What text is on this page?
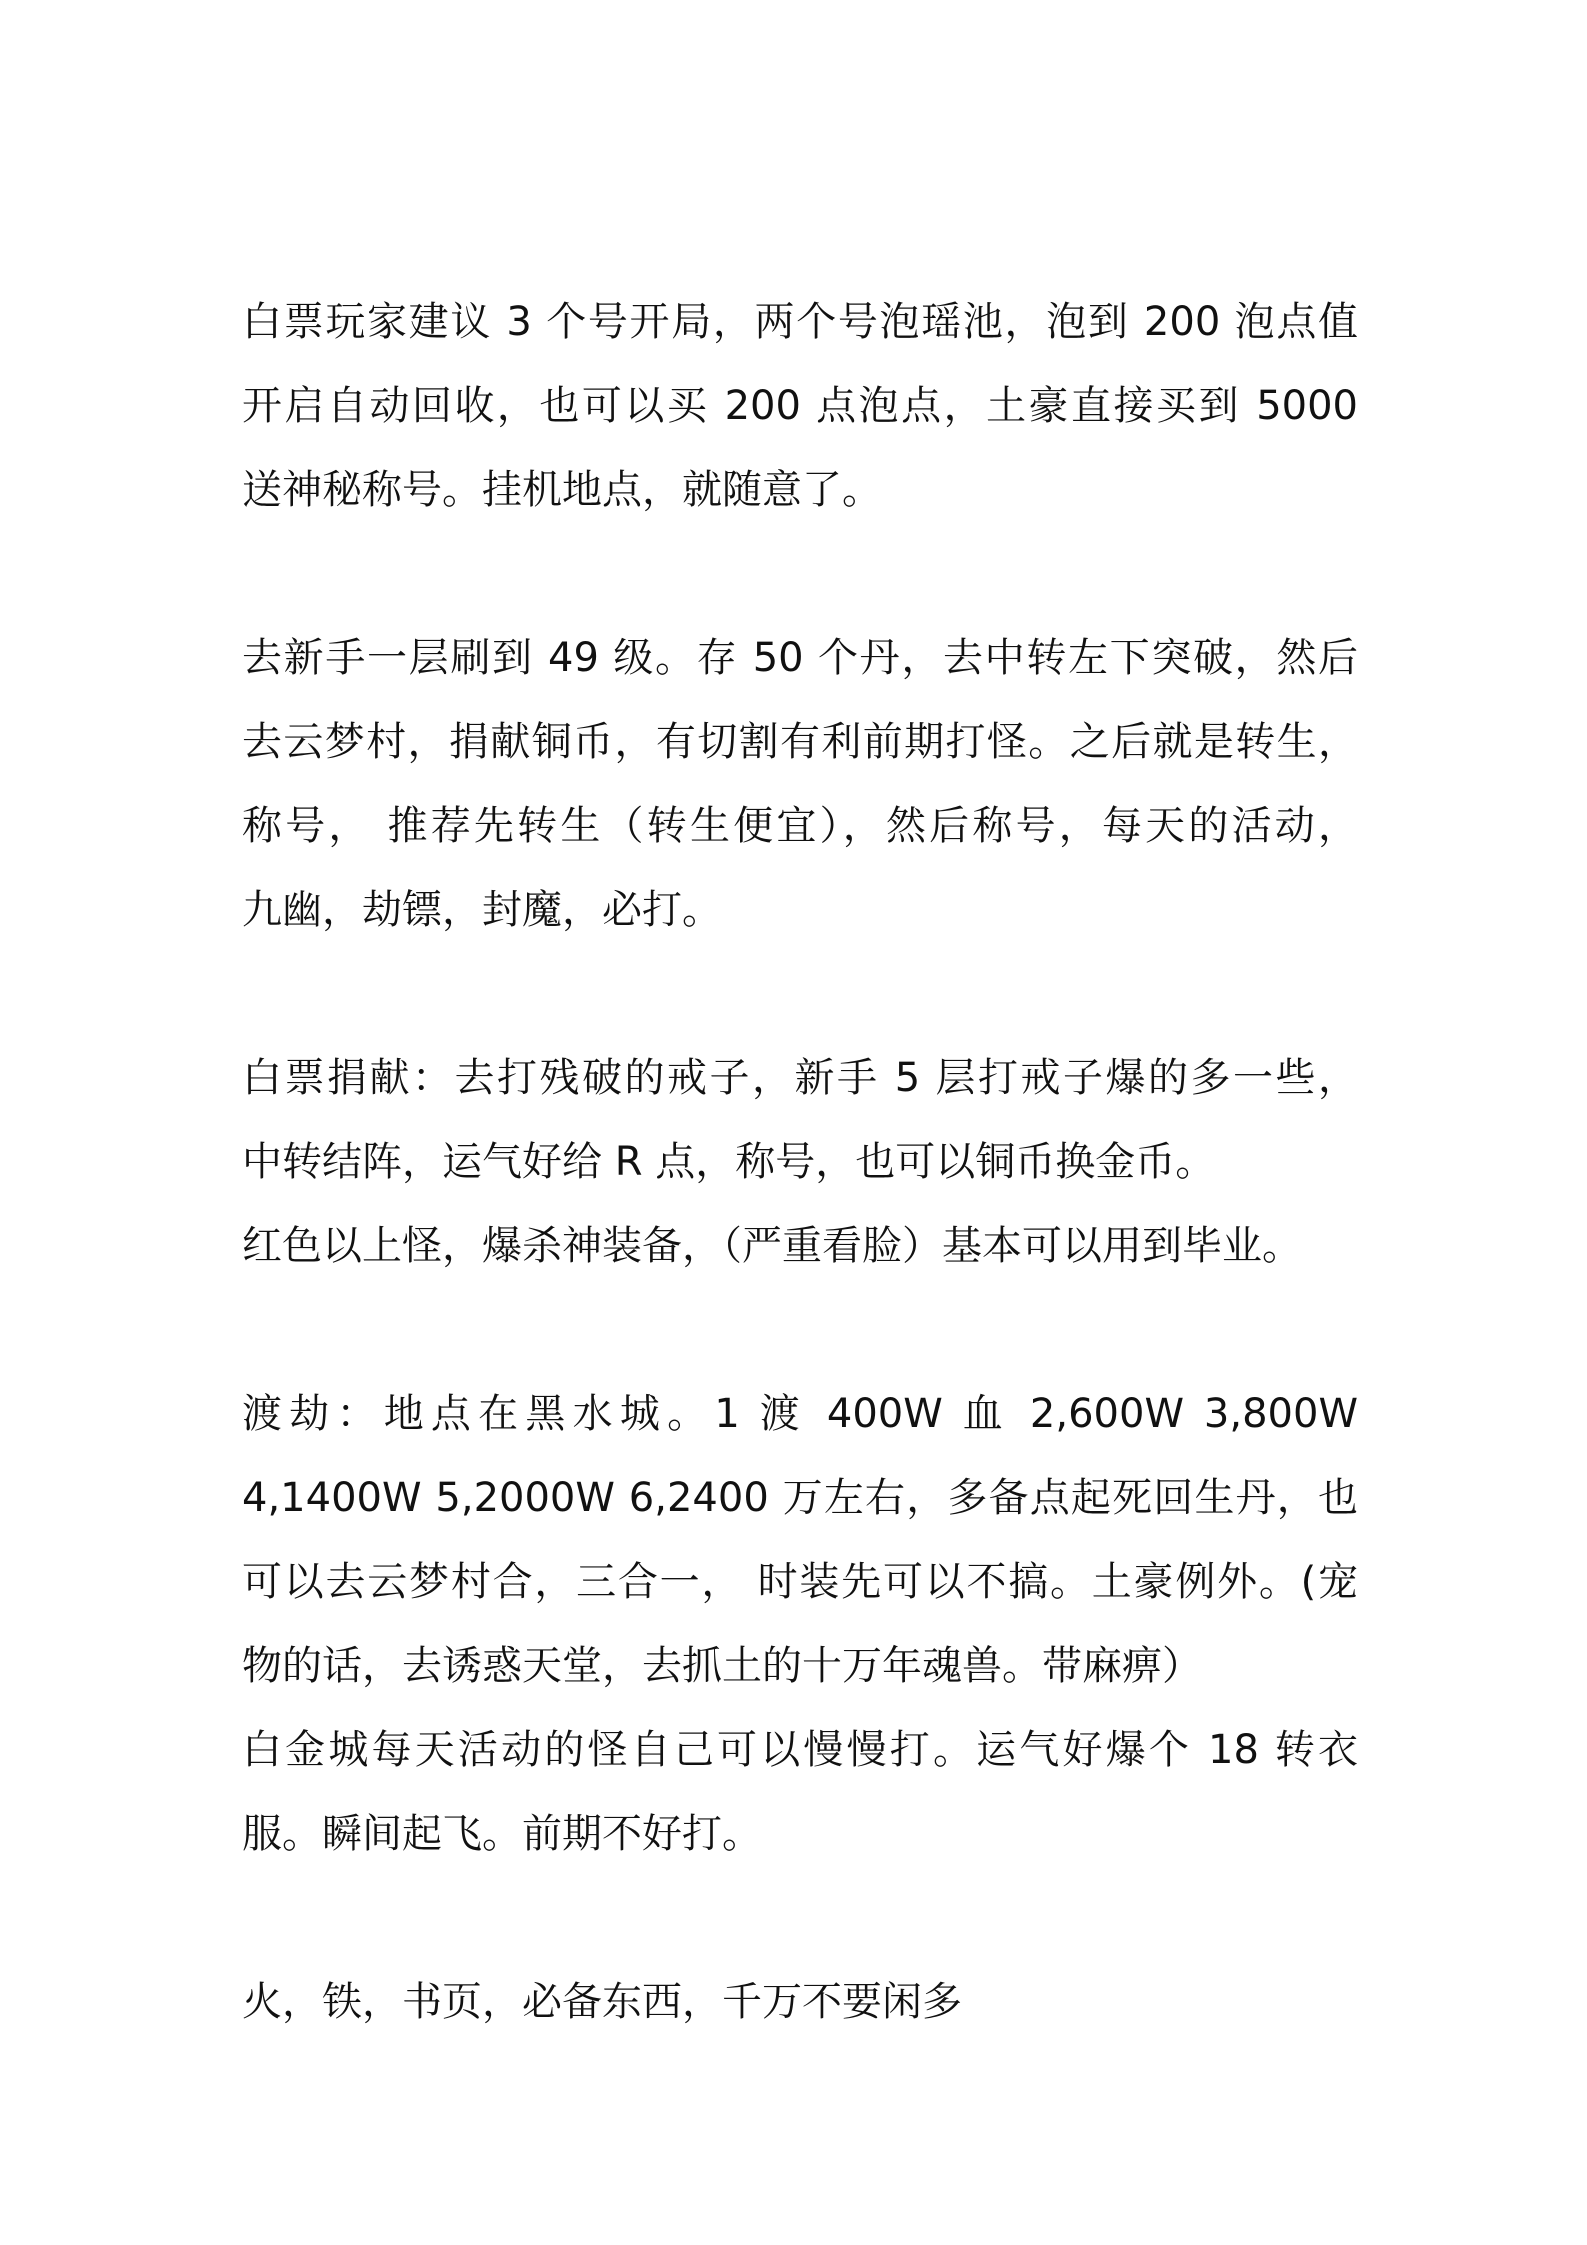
白票玩家建议 3 个号开局，两个号泡瑶池，泡到 200 泡点值
开启自动回收，也可以买 200 点泡点，土豪直接买到 5000
送神秘称号。挂机地点，就随意了。
去新手一层刷到 49 级。存 50 个丹，去中转左下突破，然后
去云梦村，捐献铜币，有切割有利前期打怪。之后就是转生，
称号， 推荐先转生（转生便宜），然后称号，每天的活动，
九幽，劫镖，封魔，必打。
白票捐献：去打残破的戒子，新手 5 层打戒子爆的多一些，
中转结阵，运气好给 R 点，称号，也可以铜币换金币。
红色以上怪，爆杀神装备，（严重看脸）基本可以用到毕业。
渡劫：地点在黑水城。1 渡 400W 血 2,600W 3,800W
4,1400W 5,2000W 6,2400 万左右，多备点起死回生丹，也
可以去云梦村合，三合一， 时装先可以不搞。土豪例外。(宠
物的话，去诱惑天堂，去抓土的十万年魂兽。带麻痹）
白金城每天活动的怪自己可以慢慢打。运气好爆个 18 转衣
服。瞬间起飞。前期不好打。
火，铁，书页，必备东西，千万不要闲多
